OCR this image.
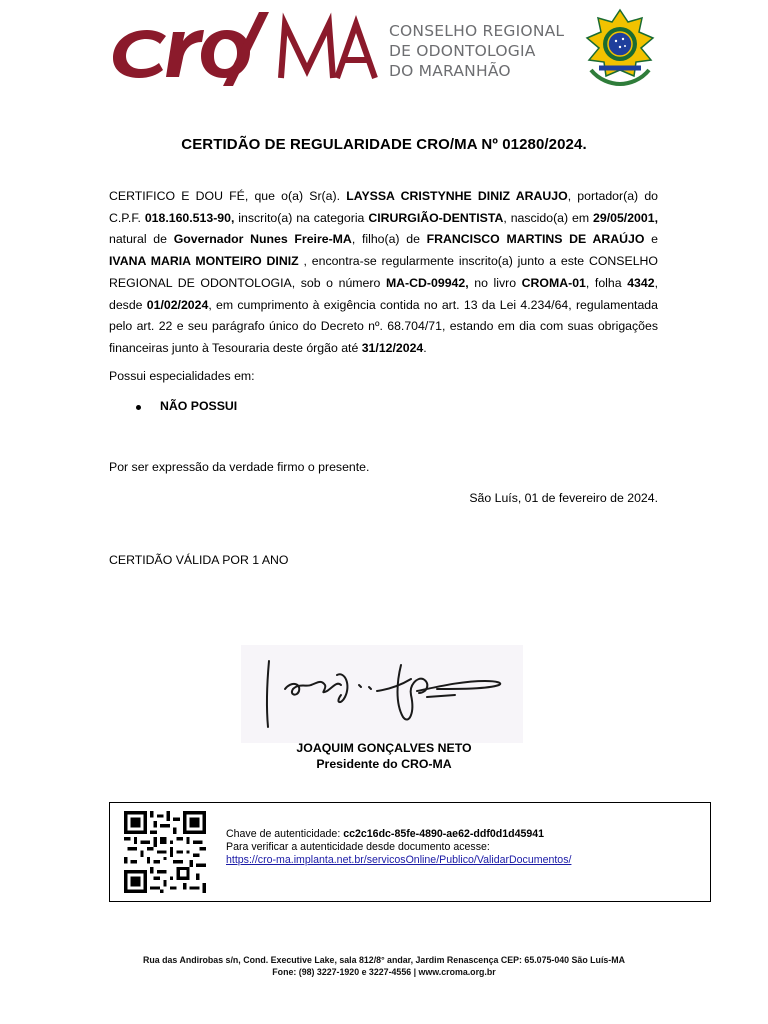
CONSELHO REGIONAL
DE ODONTOLOGIA
DO MARANHÃO
CERTIDÃO DE REGULARIDADE CRO/MA Nº 01280/2024.
CERTIFICO E DOU FÉ, que o(a) Sr(a). LAYSSA CRISTYNHE DINIZ ARAUJO, portador(a) do C.P.F. 018.160.513-90, inscrito(a) na categoria CIRURGIÃO-DENTISTA, nascido(a) em 29/05/2001, natural de Governador Nunes Freire-MA, filho(a) de FRANCISCO MARTINS DE ARAÚJO e IVANA MARIA MONTEIRO DINIZ , encontra-se regularmente inscrito(a) junto a este CONSELHO REGIONAL DE ODONTOLOGIA, sob o número MA-CD-09942, no livro CROMA-01, folha 4342, desde 01/02/2024, em cumprimento à exigência contida no art. 13 da Lei 4.234/64, regulamentada pelo art. 22 e seu parágrafo único do Decreto nº. 68.704/71, estando em dia com suas obrigações financeiras junto à Tesouraria deste órgão até 31/12/2024.
Possui especialidades em:
NÃO POSSUI
Por ser expressão da verdade firmo o presente.
São Luís, 01 de fevereiro de 2024.
CERTIDÃO VÁLIDA POR 1 ANO
JOAQUIM GONÇALVES NETO
Presidente do CRO-MA
Chave de autenticidade: cc2c16dc-85fe-4890-ae62-ddf0d1d45941
Para verificar a autenticidade desde documento acesse:
https://cro-ma.implanta.net.br/servicosOnline/Publico/ValidarDocumentos/
Rua das Andirobas s/n, Cond. Executive Lake, sala 812/8° andar, Jardim Renascença CEP: 65.075-040 São Luís-MA
Fone: (98) 3227-1920 e 3227-4556 | www.croma.org.br
